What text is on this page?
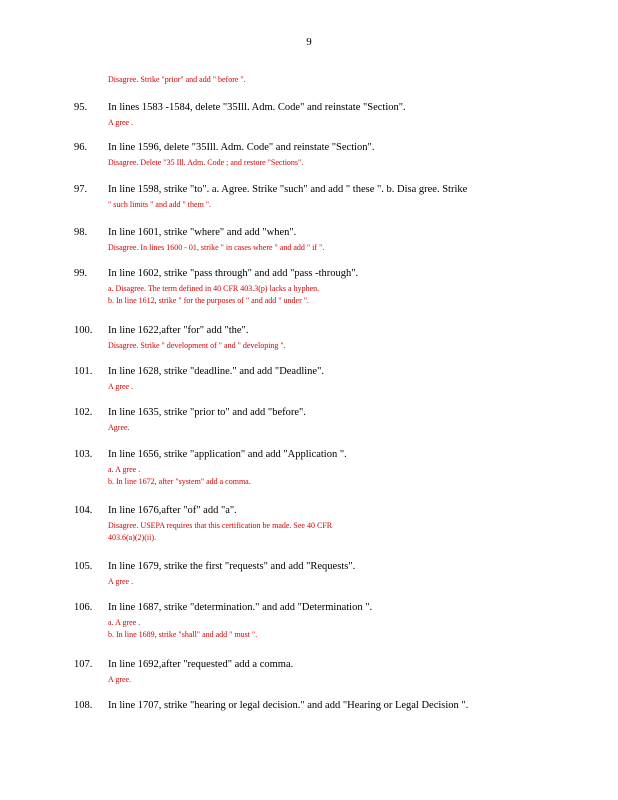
9
Disagree. Strike "prior" and add " before ".
95. In lines 1583 -1584, delete "35Ill. Adm. Code" and reinstate "Section".
A gree .
96. In line 1596, delete "35Ill. Adm. Code" and reinstate "Section".
Disagree. Delete "35 Ill. Adm. Code ; and restore "Sections".
97. In line 1598, strike "to". a. Agree. Strike "such" and add " these ". b. Disa gree. Strike
" such limits " and add " them ".
98. In line 1601, strike "where" and add "when".
Disagree. In lines 1600 - 01, strike " in cases where " and add " if ".
99. In line 1602, strike "pass through" and add "pass -through".
a. Disagree. The term defined in 40 CFR 403.3(p) lacks a hyphen.
b. In line 1612, strike " for the purposes of " and add " under ".
100. In line 1622,after "for" add "the".
Disagree. Strike " development of " and " developing ".
101. In line 1628, strike "deadline." and add "Deadline".
A gree .
102. In line 1635, strike "prior to" and add "before".
Agree.
103. In line 1656, strike "application" and add "Application ".
a. A gree .
b. In line 1672, after "system" add a comma.
104. In line 1676,after "of" add "a".
Disagree. USEPA requires that this certification be made. See 40 CFR
403.6(a)(2)(ii).
105. In line 1679, strike the first "requests" and add "Requests".
A gree .
106. In line 1687, strike "determination." and add "Determination ".
a. A gree .
b. In line 1689, strike "shall" and add " must ".
107. In line 1692,after "requested" add a comma.
A gree.
108. In line 1707, strike "hearing or legal decision." and add "Hearing or Legal Decision ".
